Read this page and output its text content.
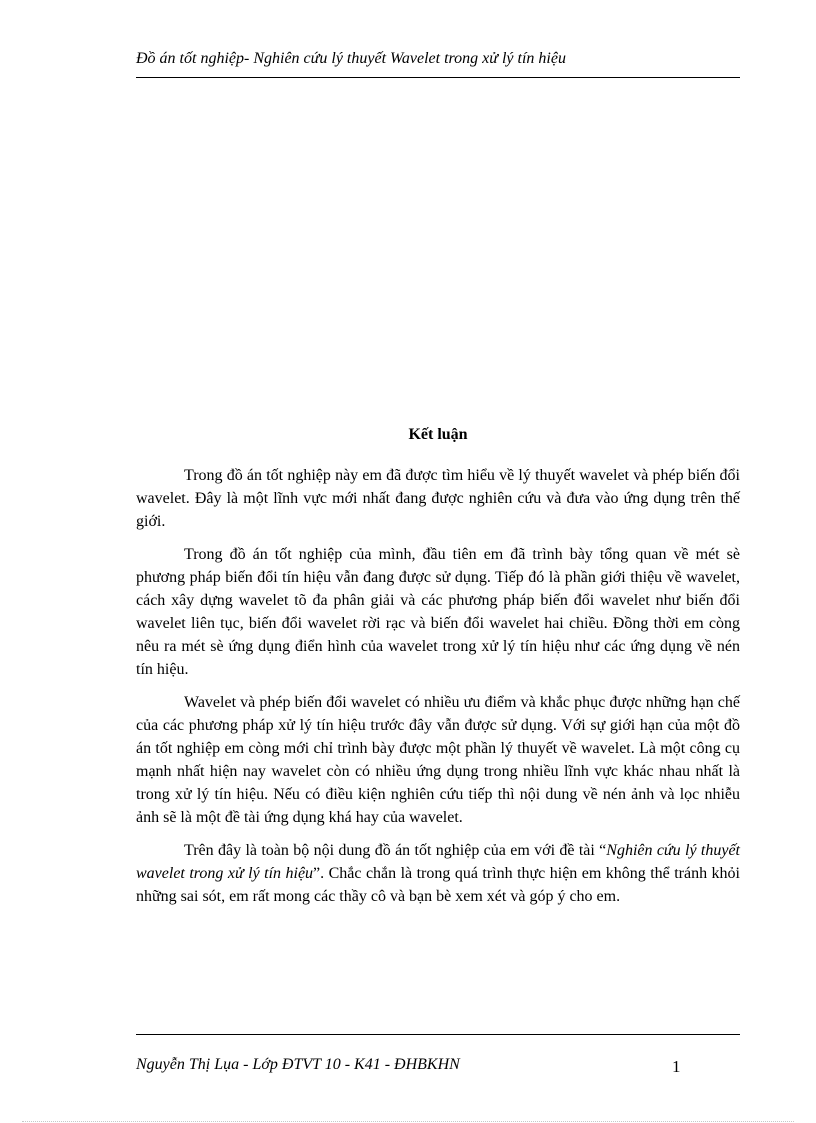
Đồ án tốt nghiệp- Nghiên cứu lý thuyết Wavelet trong xử lý tín hiệu
Kết luận

Trong đồ án tốt nghiệp này em đã được tìm hiểu về lý thuyết wavelet và phép biến đổi wavelet. Đây là một lĩnh vực mới nhất đang được nghiên cứu và đưa vào ứng dụng trên thế giới.

Trong đồ án tốt nghiệp của mình, đầu tiên em đã trình bày tổng quan về mét sè phương pháp biến đổi tín hiệu vẫn đang được sử dụng. Tiếp đó là phần giới thiệu về wavelet, cách xây dựng wavelet tõ đa phân giải và các phương pháp biến đổi wavelet như biến đổi wavelet liên tục, biến đổi wavelet rời rạc và biến đổi wavelet hai chiều. Đồng thời em còng nêu ra mét sè ứng dụng điển hình của wavelet trong xử lý tín hiệu như các ứng dụng về nén tín hiệu.

Wavelet và phép biến đổi wavelet có nhiều ưu điểm và khắc phục được những hạn chế của các phương pháp xử lý tín hiệu trước đây vẫn được sử dụng. Với sự giới hạn của một đồ án tốt nghiệp em còng mới chỉ trình bày được một phần lý thuyết về wavelet. Là một công cụ mạnh nhất hiện nay wavelet còn có nhiều ứng dụng trong nhiều lĩnh vực khác nhau nhất là trong xử lý tín hiệu. Nếu có điều kiện nghiên cứu tiếp thì nội dung về nén ảnh và lọc nhiễu ảnh sẽ là một đề tài ứng dụng khá hay của wavelet.

Trên đây là toàn bộ nội dung đồ án tốt nghiệp của em với đề tài “Nghiên cứu lý thuyết wavelet trong xử lý tín hiệu”. Chắc chắn là trong quá trình thực hiện em không thể tránh khỏi những sai sót, em rất mong các thầy cô và bạn bè xem xét và góp ý cho em.

Nguyễn Thị Lụa - Lớp ĐTVT 10 - K41 - ĐHBKHN	1
